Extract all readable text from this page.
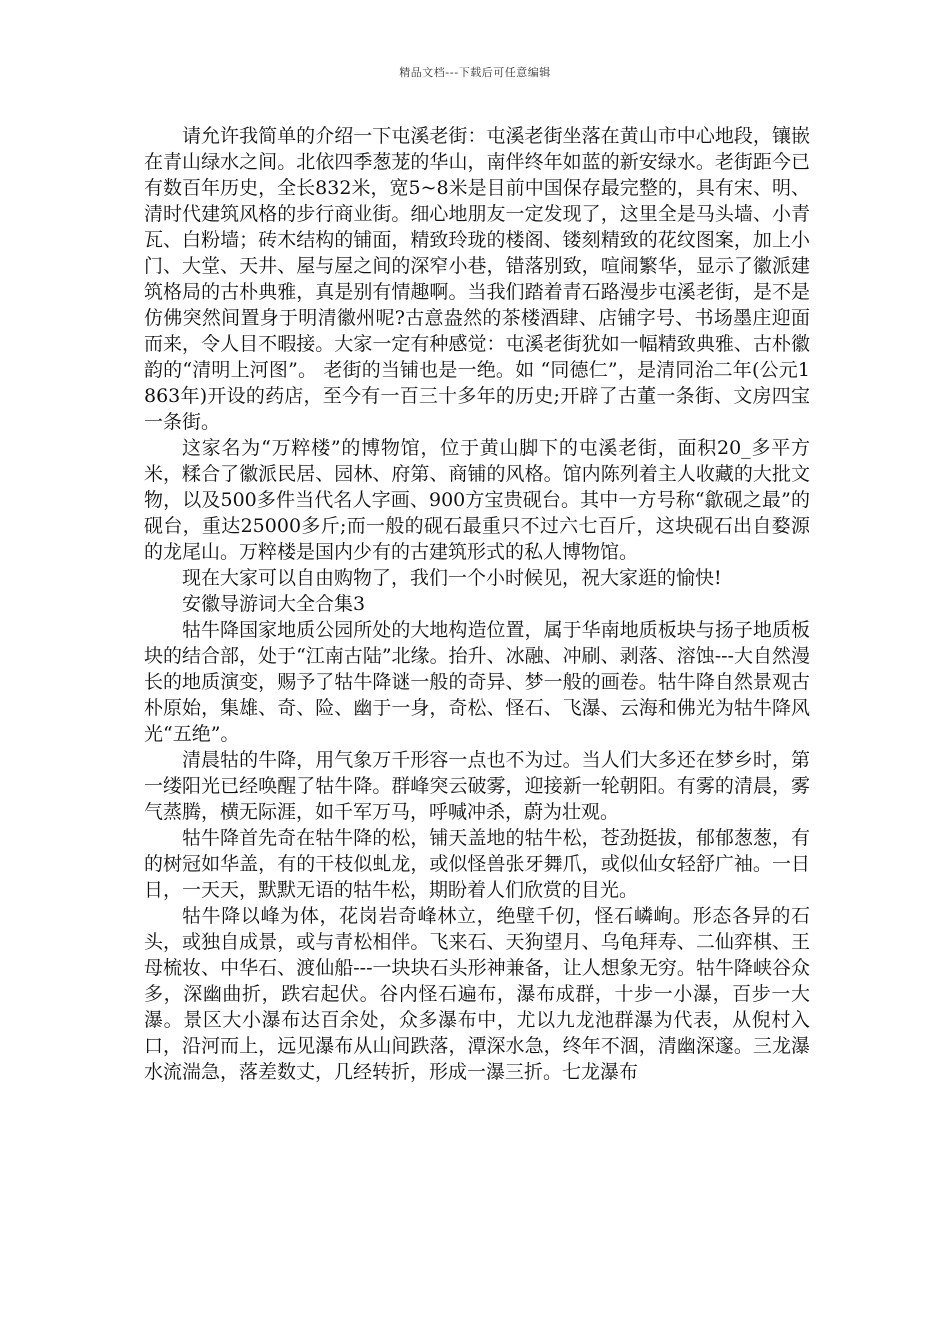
精品文档---下载后可任意编辑

请允许我简单的介绍一下屯溪老街：屯溪老街坐落在黄山市中心地段，镶嵌在青山绿水之间。北依四季葱茏的华山，南伴终年如蓝的新安绿水。老街距今已有数百年历史，全长832米，宽5~8米是目前中国保存最完整的，具有宋、明、清时代建筑风格的步行商业街。细心地朋友一定发现了，这里全是马头墙、小青瓦、白粉墙；砖木结构的铺面，精致玲珑的楼阁、镂刻精致的花纹图案，加上小门、大堂、天井、屋与屋之间的深窄小巷，错落别致，喧闹繁华，显示了徽派建筑格局的古朴典雅，真是别有情趣啊。当我们踏着青石路漫步屯溪老街，是不是仿佛突然间置身于明清徽州呢?古意盎然的茶楼酒肆、店铺字号、书场墨庄迎面而来，令人目不暇接。大家一定有种感觉：屯溪老街犹如一幅精致典雅、古朴徽韵的“清明上河图”。 老街的当铺也是一绝。如 “同德仁”，是清同治二年(公元1863年)开设的药店，至今有一百三十多年的历史;开辟了古董一条街、文房四宝一条街。

这家名为“万粹楼”的博物馆，位于黄山脚下的屯溪老街，面积20_多平方米，糅合了徽派民居、园林、府第、商铺的风格。馆内陈列着主人收藏的大批文物，以及500多件当代名人字画、900方宝贵砚台。其中一方号称“歙砚之最”的砚台，重达25000多斤;而一般的砚石最重只不过六七百斤，这块砚石出自婺源的龙尾山。万粹楼是国内少有的古建筑形式的私人博物馆。

现在大家可以自由购物了，我们一个小时候见，祝大家逛的愉快!

安徽导游词大全合集3

牯牛降国家地质公园所处的大地构造位置，属于华南地质板块与扬子地质板块的结合部，处于“江南古陆”北缘。抬升、冰融、冲刷、剥落、溶蚀---大自然漫长的地质演变，赐予了牯牛降谜一般的奇异、梦一般的画卷。牯牛降自然景观古朴原始，集雄、奇、险、幽于一身，奇松、怪石、飞瀑、云海和佛光为牯牛降风光“五绝”。

清晨牯的牛降，用气象万千形容一点也不为过。当人们大多还在梦乡时，第一缕阳光已经唤醒了牯牛降。群峰突云破雾，迎接新一轮朝阳。有雾的清晨，雾气蒸腾，横无际涯，如千军万马，呼喊冲杀，蔚为壮观。

牯牛降首先奇在牯牛降的松，铺天盖地的牯牛松，苍劲挺拔，郁郁葱葱，有的树冠如华盖，有的干枝似虬龙，或似怪兽张牙舞爪，或似仙女轻舒广袖。一日日，一天天，默默无语的牯牛松，期盼着人们欣赏的目光。

牯牛降以峰为体，花岗岩奇峰林立，绝壁千仞，怪石嶙峋。形态各异的石头，或独自成景，或与青松相伴。飞来石、天狗望月、乌龟拜寿、二仙弈棋、王母梳妆、中华石、渡仙船---一块块石头形神兼备，让人想象无穷。牯牛降峡谷众多，深幽曲折，跌宕起伏。谷内怪石遍布，瀑布成群，十步一小瀑，百步一大瀑。景区大小瀑布达百余处，众多瀑布中，尤以九龙池群瀑为代表，从倪村入口，沿河而上，远见瀑布从山间跌落，潭深水急，终年不涸，清幽深邃。三龙瀑水流湍急，落差数丈，几经转折，形成一瀑三折。七龙瀑布
